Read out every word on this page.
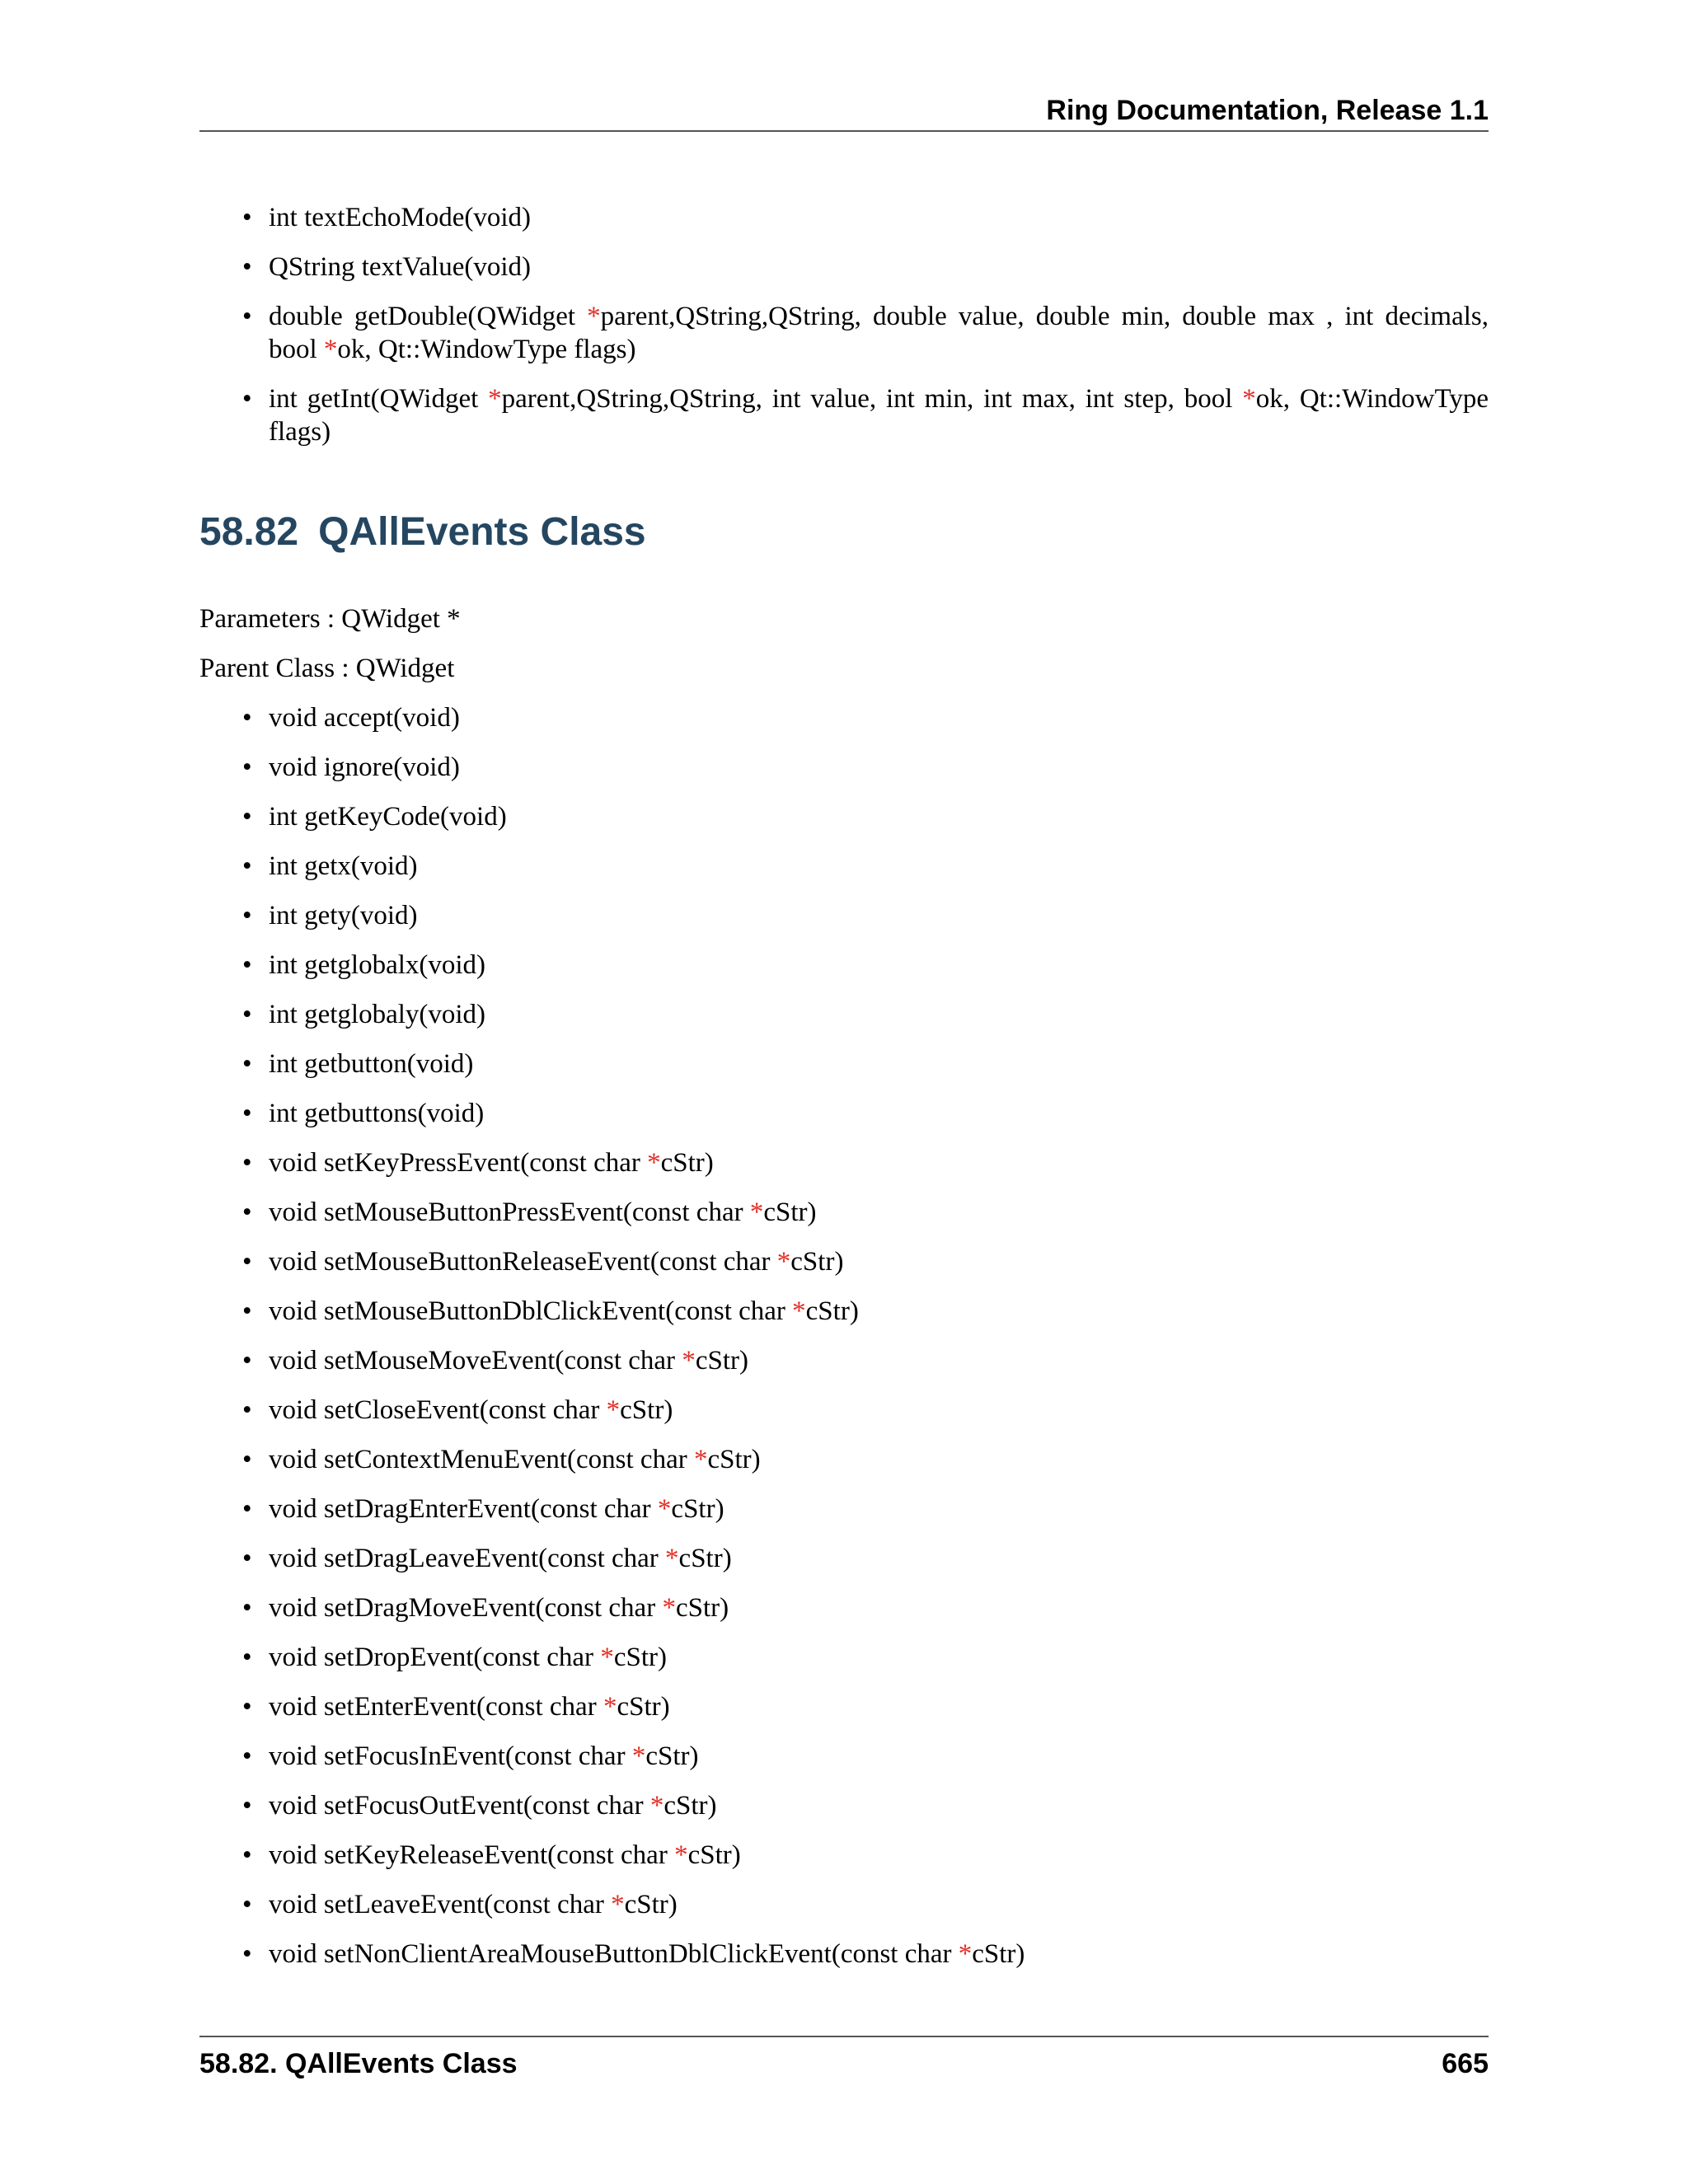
Ring Documentation, Release 1.1
• int textEchoMode(void)
• QString textValue(void)
• double getDouble(QWidget *parent,QString,QString, double value, double min, double max , int decimals, bool *ok, Qt::WindowType flags)
• int getInt(QWidget *parent,QString,QString, int value, int min, int max, int step, bool *ok, Qt::WindowType flags)
58.82 QAllEvents Class

Parameters : QWidget *

Parent Class : QWidget

• void accept(void)
• void ignore(void)
• int getKeyCode(void)
• int getx(void)
• int gety(void)
• int getglobalx(void)
• int getglobaly(void)
• int getbutton(void)
• int getbuttons(void)
• void setKeyPressEvent(const char *cStr)
• void setMouseButtonPressEvent(const char *cStr)
• void setMouseButtonReleaseEvent(const char *cStr)
• void setMouseButtonDblClickEvent(const char *cStr)
• void setMouseMoveEvent(const char *cStr)
• void setCloseEvent(const char *cStr)
• void setContextMenuEvent(const char *cStr)
• void setDragEnterEvent(const char *cStr)
• void setDragLeaveEvent(const char *cStr)
• void setDragMoveEvent(const char *cStr)
• void setDropEvent(const char *cStr)
• void setEnterEvent(const char *cStr)
• void setFocusInEvent(const char *cStr)
• void setFocusOutEvent(const char *cStr)
• void setKeyReleaseEvent(const char *cStr)
• void setLeaveEvent(const char *cStr)
• void setNonClientAreaMouseButtonDblClickEvent(const char *cStr)
58.82. QAllEvents Class	665
